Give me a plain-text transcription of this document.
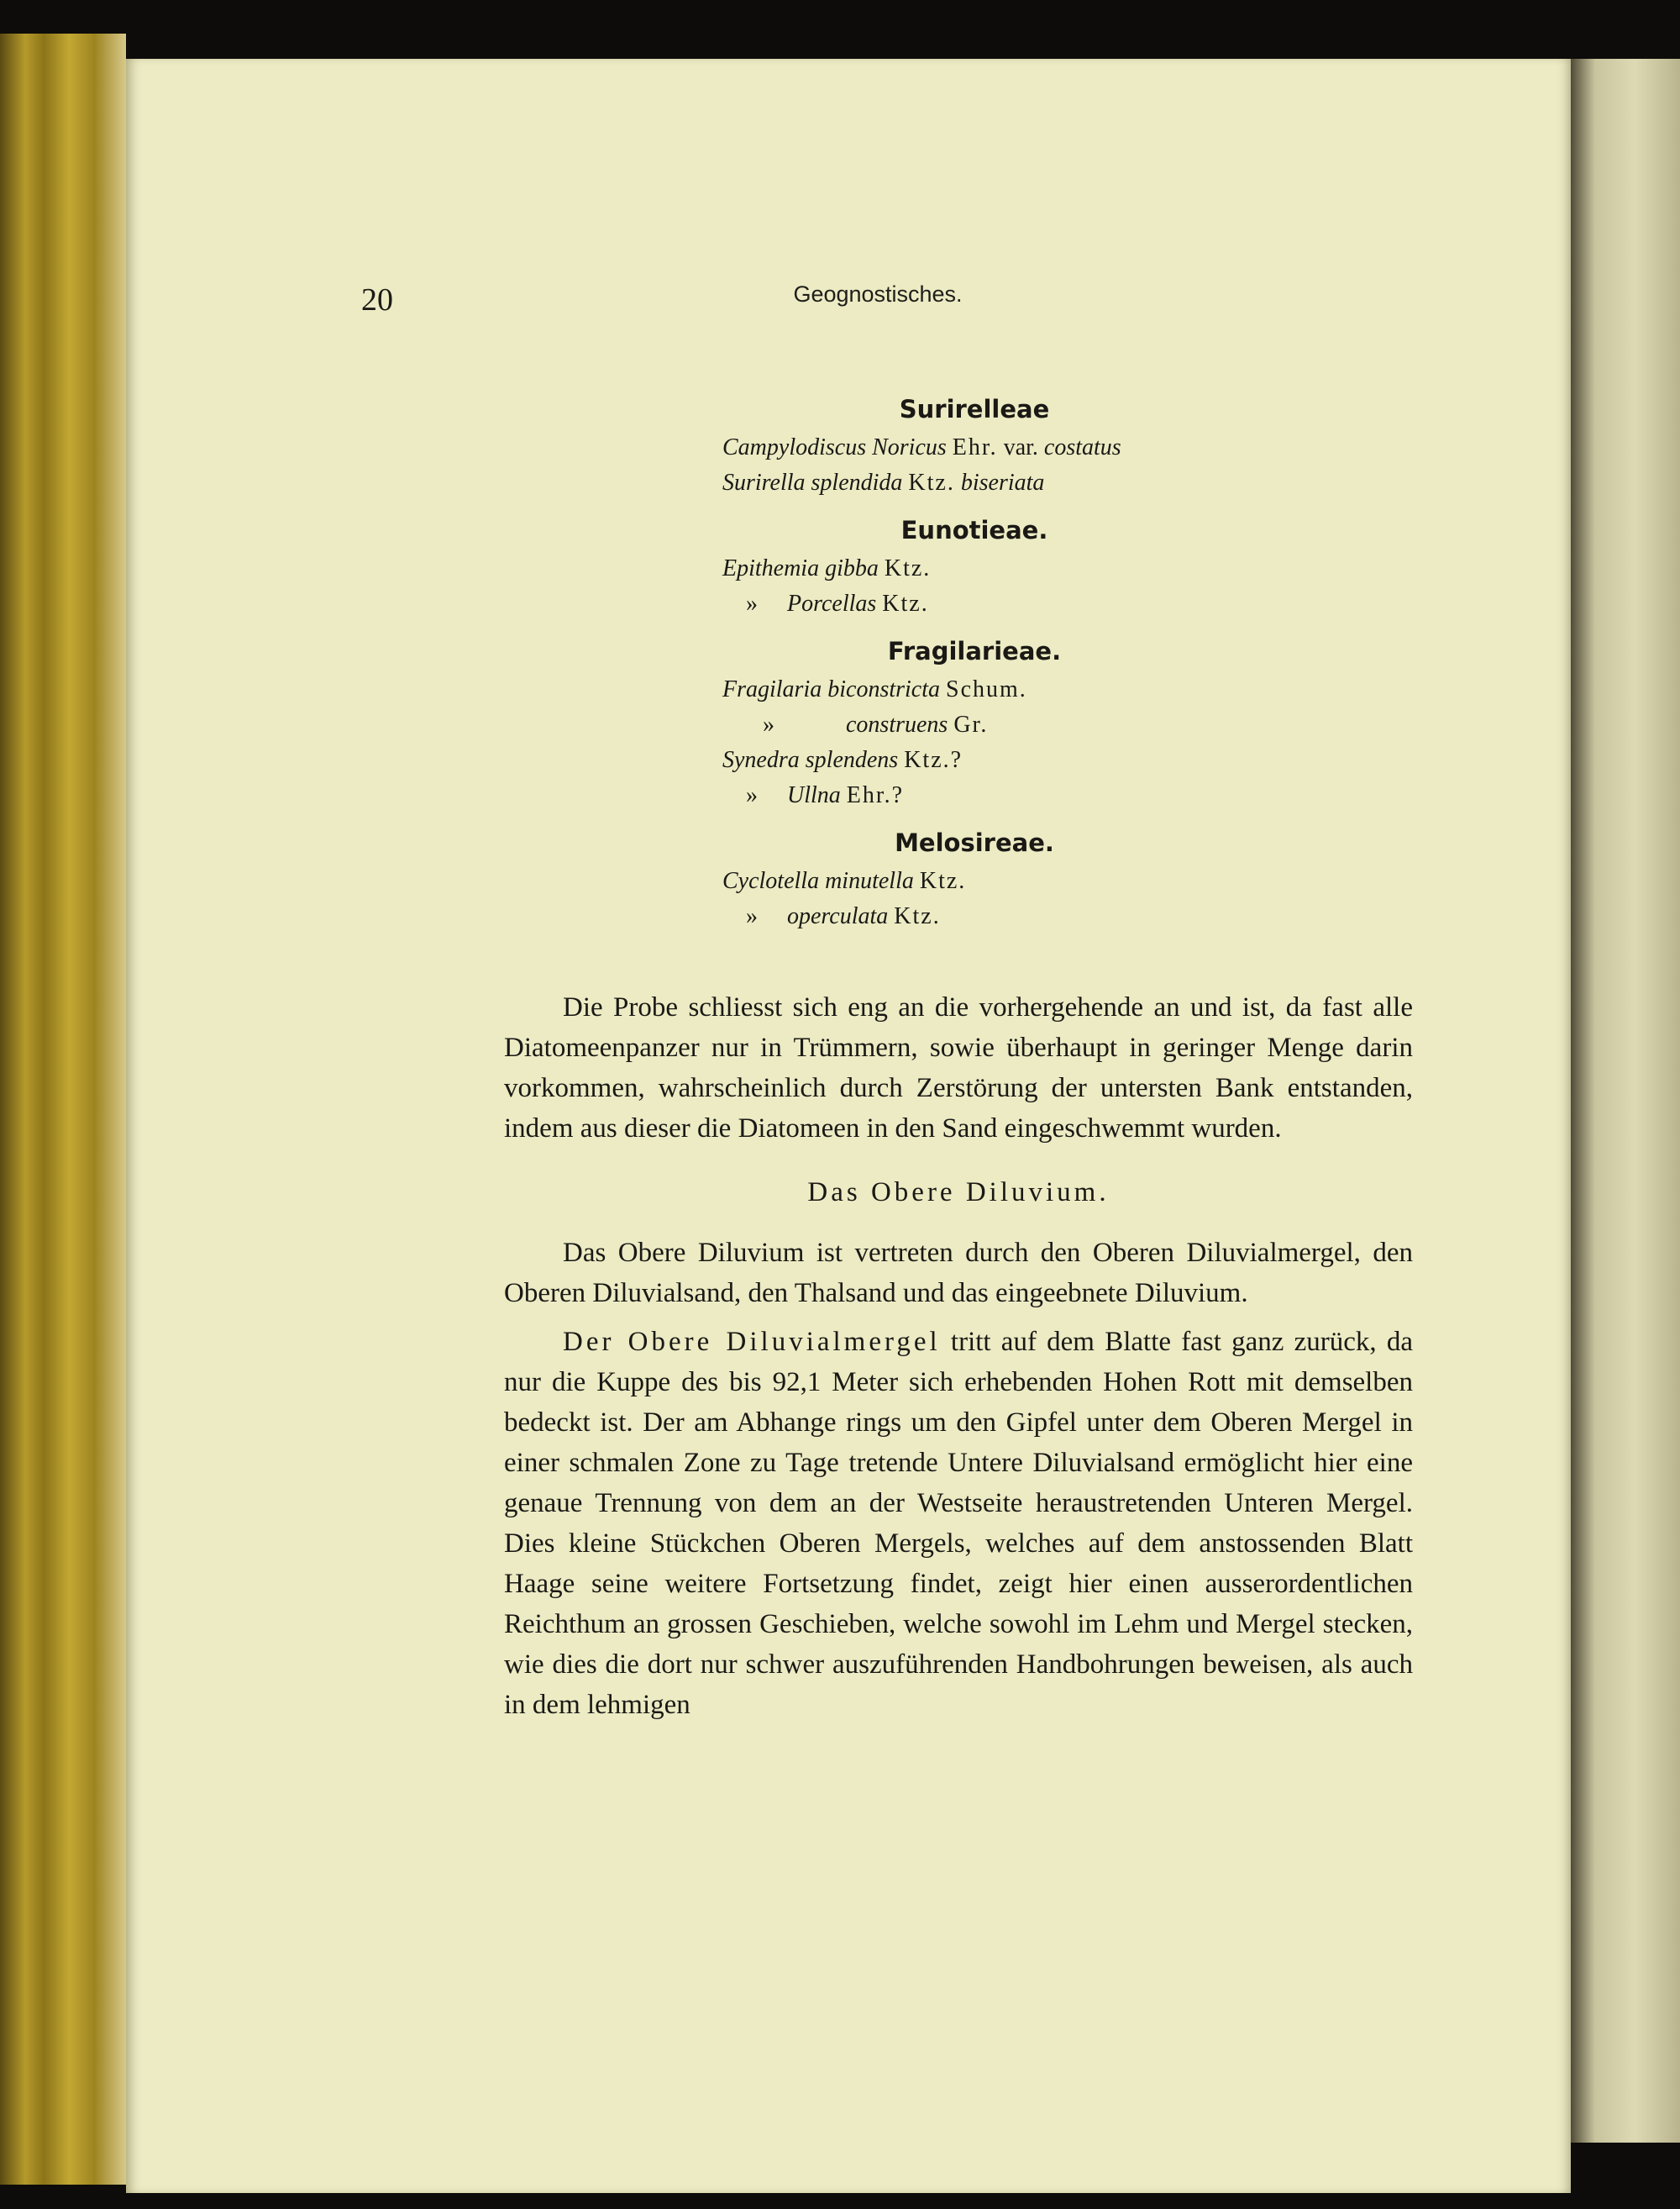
20	Geognostisches.
Surirelleae
Campylodiscus Noricus Ehr. var. costatus
Surirella splendida Ktz. biseriata
Eunotieae.
Epithemia gibba Ktz.
» Porcellas Ktz.
Fragilarieae.
Fragilaria biconstricta Schum.
»	construens Gr.
Synedra splendens Ktz.?
» Ullna Ehr.?
Melosireae.
Cyclotella minutella Ktz.
» operculata Ktz.

Die Probe schliesst sich eng an die vorhergehende an und ist, da fast alle Diatomeenpanzer nur in Trümmern, sowie überhaupt in geringer Menge darin vorkommen, wahrscheinlich durch Zerstörung der untersten Bank entstanden, indem aus dieser die Diatomeen in den Sand eingeschwemmt wurden.

Das Obere Diluvium.

Das Obere Diluvium ist vertreten durch den Oberen Diluvialmergel, den Oberen Diluvialsand, den Thalsand und das eingeebnete Diluvium.

Der Obere Diluvialmergel tritt auf dem Blatte fast ganz zurück, da nur die Kuppe des bis 92,1 Meter sich erhebenden Hohen Rott mit demselben bedeckt ist. Der am Abhange rings um den Gipfel unter dem Oberen Mergel in einer schmalen Zone zu Tage tretende Untere Diluvialsand ermöglicht hier eine genaue Trennung von dem an der Westseite heraustretenden Unteren Mergel. Dies kleine Stückchen Oberen Mergels, welches auf dem anstossenden Blatt Haage seine weitere Fortsetzung findet, zeigt hier einen ausserordentlichen Reichthum an grossen Geschieben, welche sowohl im Lehm und Mergel stecken, wie dies die dort nur schwer auszuführenden Handbohrungen beweisen, als auch in dem lehmigen
